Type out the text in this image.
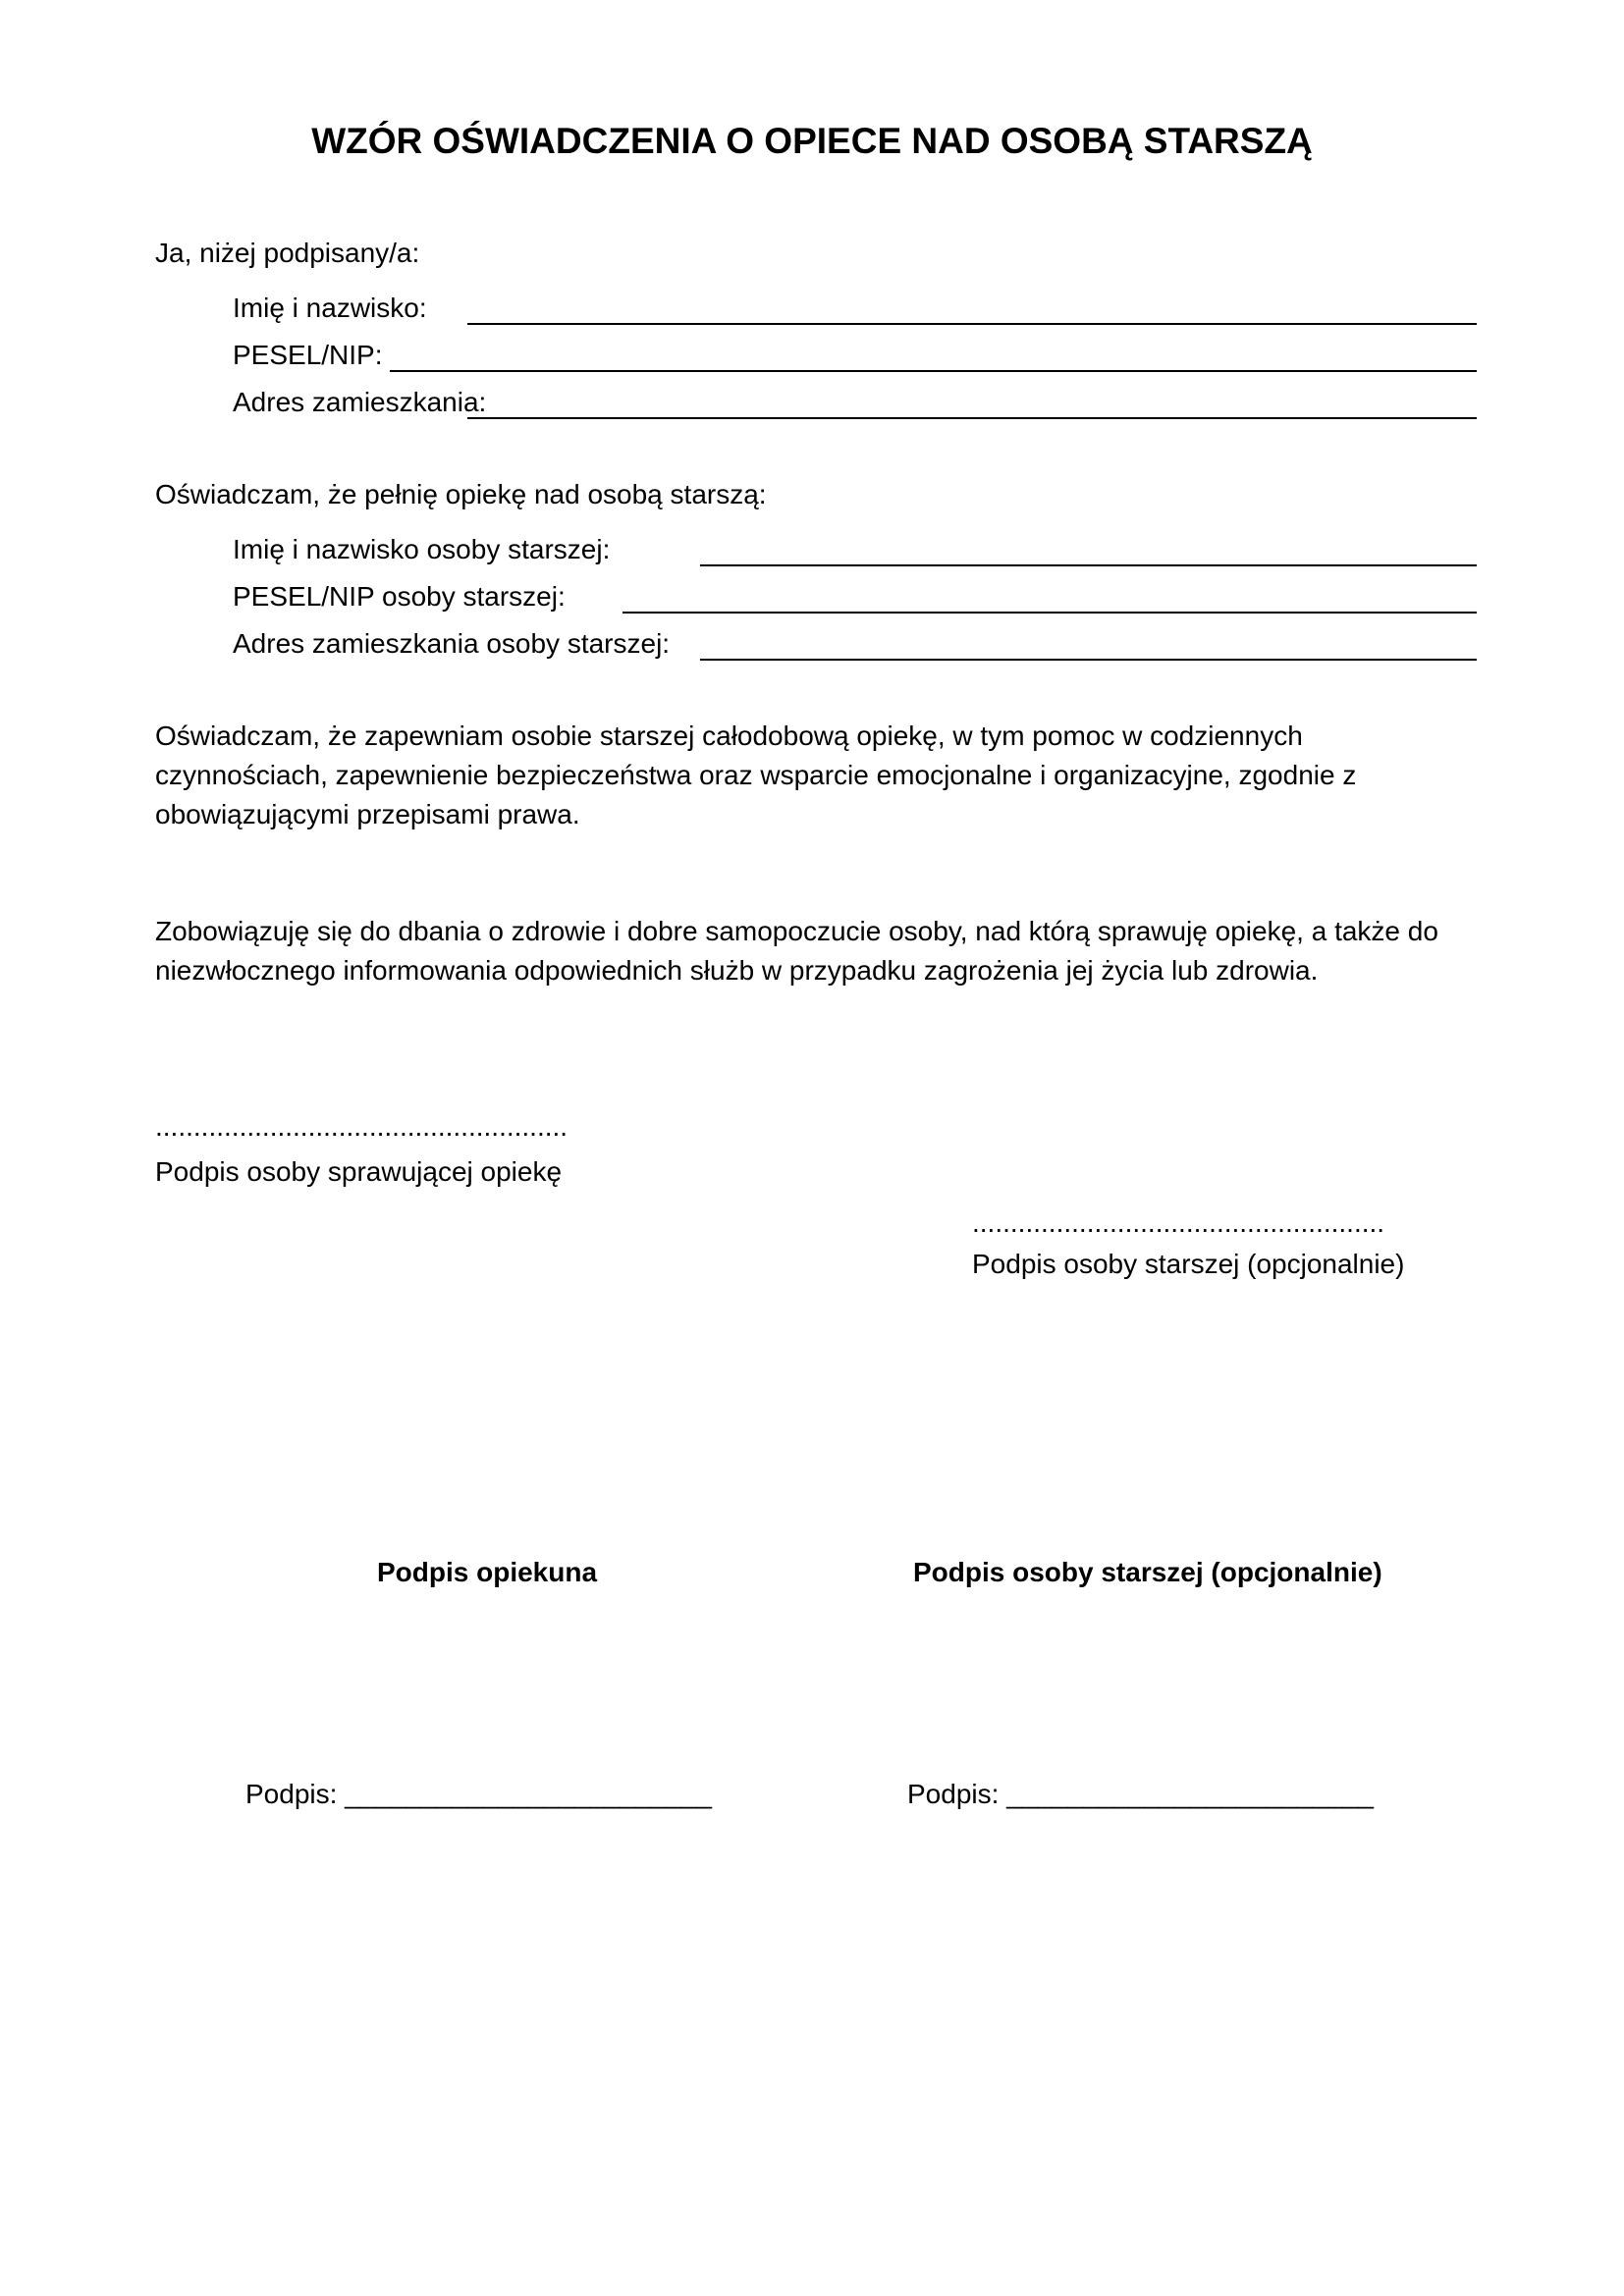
WZÓR OŚWIADCZENIA O OPIECE NAD OSOBĄ STARSZĄ
Ja, niżej podpisany/a:
Imię i nazwisko:
PESEL/NIP:
Adres zamieszkania:
Oświadczam, że pełnię opiekę nad osobą starszą:
Imię i nazwisko osoby starszej:
PESEL/NIP osoby starszej:
Adres zamieszkania osoby starszej:
Oświadczam, że zapewniam osobie starszej całodobową opiekę, w tym pomoc w codziennych
czynnościach, zapewnienie bezpieczeństwa oraz wsparcie emocjonalne i organizacyjne, zgodnie z
obowiązującymi przepisami prawa.
Zobowiązuję się do dbania o zdrowie i dobre samopoczucie osoby, nad którą sprawuję opiekę, a także do
niezwłocznego informowania odpowiednich służb w przypadku zagrożenia jej życia lub zdrowia.
......................................................
Podpis osoby sprawującej opiekę
......................................................
Podpis osoby starszej (opcjonalnie)
Podpis opiekuna	Podpis osoby starszej (opcjonalnie)
Podpis: ________________________	Podpis: ________________________
